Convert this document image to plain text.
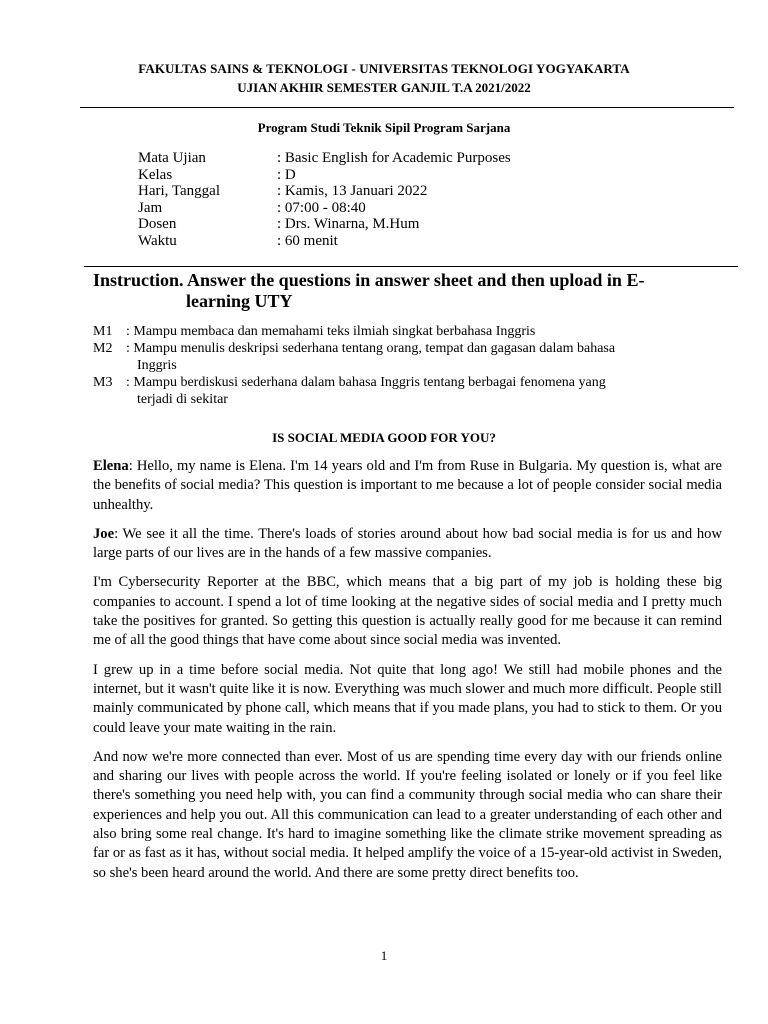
FAKULTAS SAINS & TEKNOLOGI - UNIVERSITAS TEKNOLOGI YOGYAKARTA
UJIAN AKHIR SEMESTER GANJIL T.A 2021/2022
Program Studi Teknik Sipil Program Sarjana
Mata Ujian	: Basic English for Academic Purposes
Kelas	: D
Hari, Tanggal	: Kamis, 13 Januari 2022
Jam	: 07:00 - 08:40
Dosen	: Drs. Winarna, M.Hum
Waktu	: 60 menit
Instruction. Answer the questions in answer sheet and then upload in E-
learning UTY
M1 : Mampu membaca dan memahami teks ilmiah singkat berbahasa Inggris
M2 : Mampu menulis deskripsi sederhana tentang orang, tempat dan gagasan dalam bahasa
Inggris
M3 : Mampu berdiskusi sederhana dalam bahasa Inggris tentang berbagai fenomena yang
terjadi di sekitar
IS SOCIAL MEDIA GOOD FOR YOU?

Elena: Hello, my name is Elena. I'm 14 years old and I'm from Ruse in Bulgaria. My question is, what are the benefits of social media? This question is important to me because a lot of people consider social media unhealthy.

Joe: We see it all the time. There's loads of stories around about how bad social media is for us and how large parts of our lives are in the hands of a few massive companies.

I'm Cybersecurity Reporter at the BBC, which means that a big part of my job is holding these big companies to account. I spend a lot of time looking at the negative sides of social media and I pretty much take the positives for granted. So getting this question is actually really good for me because it can remind me of all the good things that have come about since social media was invented.

I grew up in a time before social media. Not quite that long ago! We still had mobile phones and the internet, but it wasn't quite like it is now. Everything was much slower and much more difficult. People still mainly communicated by phone call, which means that if you made plans, you had to stick to them. Or you could leave your mate waiting in the rain.

And now we're more connected than ever. Most of us are spending time every day with our friends online and sharing our lives with people across the world. If you're feeling isolated or lonely or if you feel like there's something you need help with, you can find a community through social media who can share their experiences and help you out. All this communication can lead to a greater understanding of each other and also bring some real change. It's hard to imagine something like the climate strike movement spreading as far or as fast as it has, without social media. It helped amplify the voice of a 15-year-old activist in Sweden, so she's been heard around the world. And there are some pretty direct benefits too.

1
